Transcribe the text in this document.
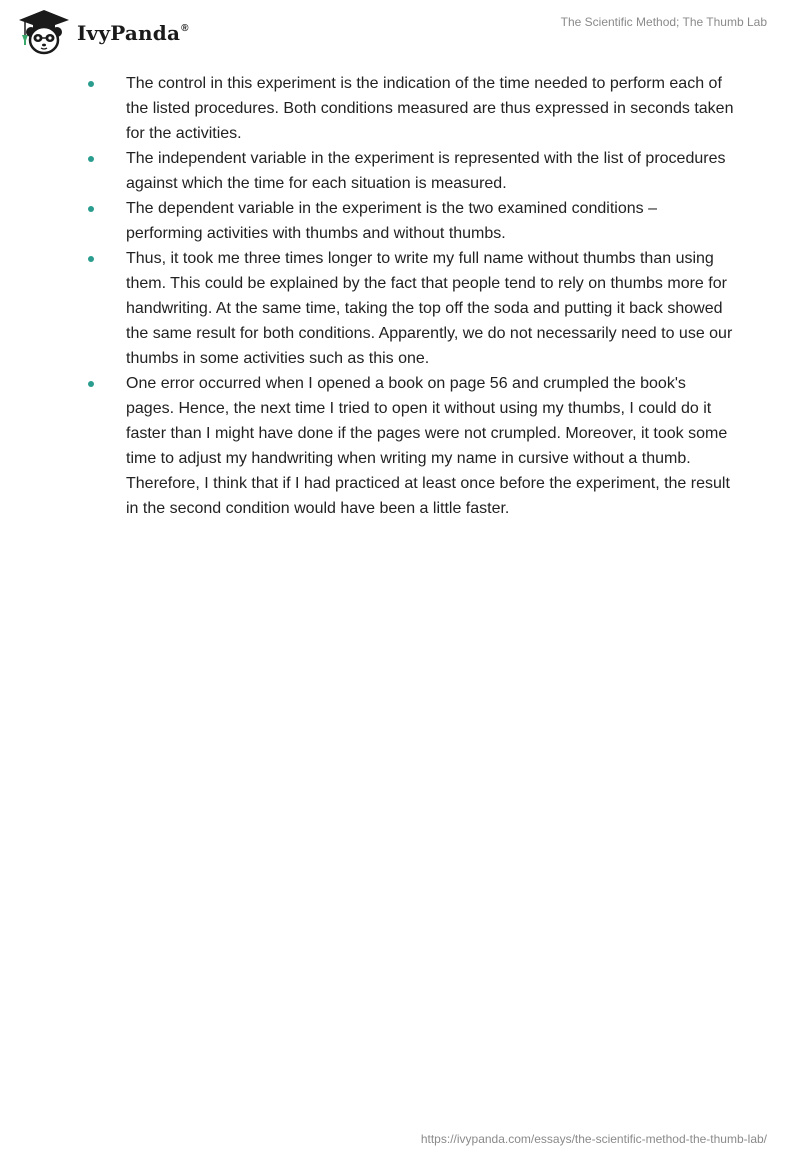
IvyPanda®	The Scientific Method; The Thumb Lab
The control in this experiment is the indication of the time needed to perform each of the listed procedures. Both conditions measured are thus expressed in seconds taken for the activities.
The independent variable in the experiment is represented with the list of procedures against which the time for each situation is measured.
The dependent variable in the experiment is the two examined conditions – performing activities with thumbs and without thumbs.
Thus, it took me three times longer to write my full name without thumbs than using them. This could be explained by the fact that people tend to rely on thumbs more for handwriting. At the same time, taking the top off the soda and putting it back showed the same result for both conditions. Apparently, we do not necessarily need to use our thumbs in some activities such as this one.
One error occurred when I opened a book on page 56 and crumpled the book's pages. Hence, the next time I tried to open it without using my thumbs, I could do it faster than I might have done if the pages were not crumpled. Moreover, it took some time to adjust my handwriting when writing my name in cursive without a thumb. Therefore, I think that if I had practiced at least once before the experiment, the result in the second condition would have been a little faster.
https://ivypanda.com/essays/the-scientific-method-the-thumb-lab/
